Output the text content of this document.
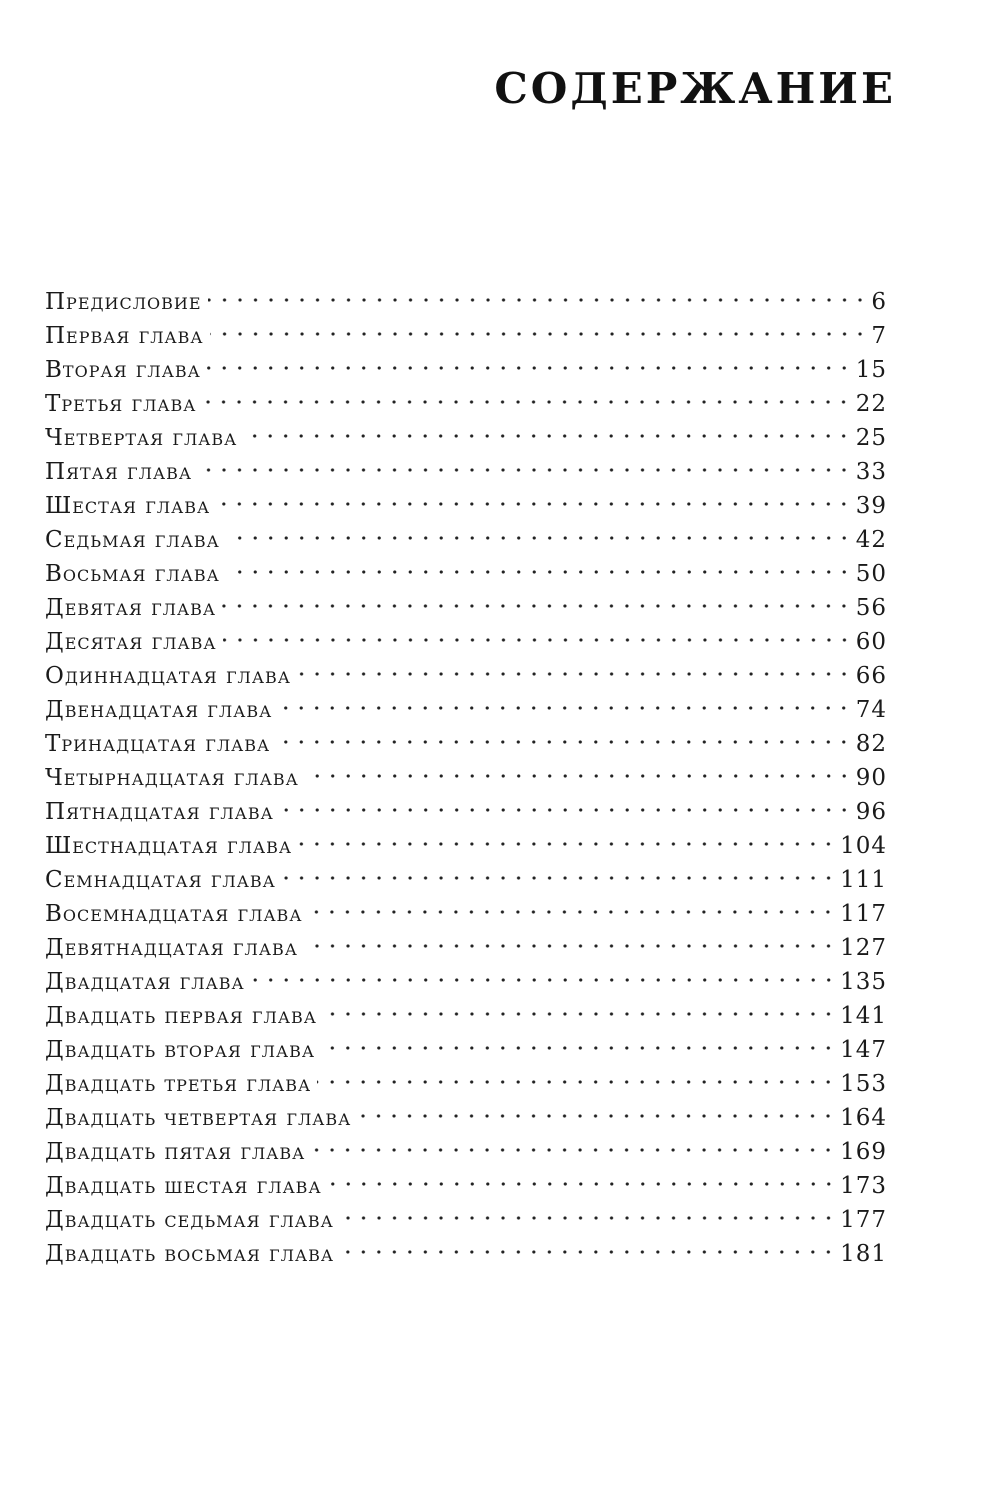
СОДЕРЖАНИЕ
Предисловие	6
Первая глава	7
Вторая глава	15
Третья глава	22
Четвертая глава	25
Пятая глава	33
Шестая глава	39
Седьмая глава	42
Восьмая глава	50
Девятая глава	56
Десятая глава	60
Одиннадцатая глава	66
Двенадцатая глава	74
Тринадцатая глава	82
Четырнадцатая глава	90
Пятнадцатая глава	96
Шестнадцатая глава	104
Семнадцатая глава	111
Восемнадцатая глава	117
Девятнадцатая глава	127
Двадцатая глава	135
Двадцать первая глава	141
Двадцать вторая глава	147
Двадцать третья глава	153
Двадцать четвертая глава	164
Двадцать пятая глава	169
Двадцать шестая глава	173
Двадцать седьмая глава	177
Двадцать восьмая глава	181
